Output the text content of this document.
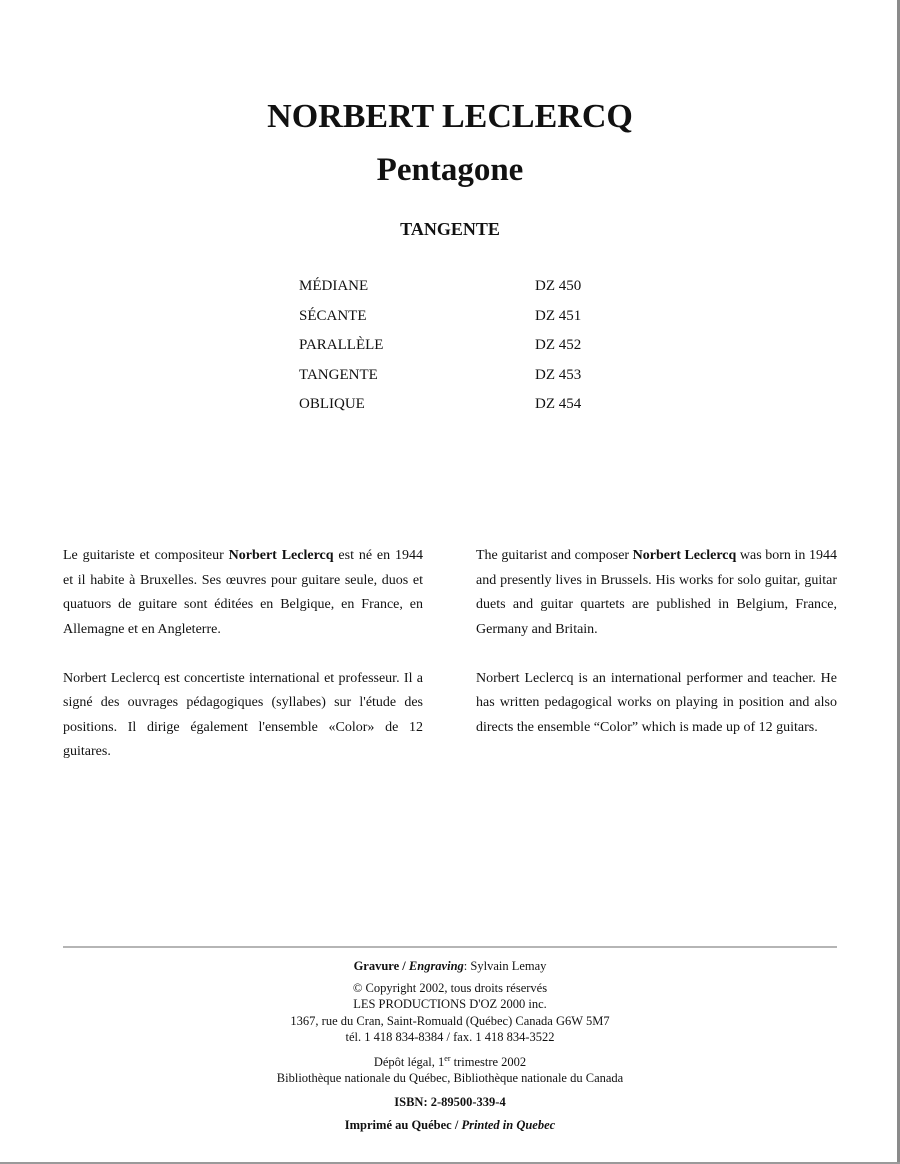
NORBERT LECLERCQ
Pentagone
TANGENTE
MÉDIANE	DZ 450
SÉCANTE	DZ 451
PARALLÈLE	DZ 452
TANGENTE	DZ 453
OBLIQUE	DZ 454

Le guitariste et compositeur Norbert Leclercq est né en 1944 et il habite à Bruxelles. Ses œuvres pour guitare seule, duos et quatuors de guitare sont éditées en Belgique, en France, en Allemagne et en Angleterre.

Norbert Leclercq est concertiste international et professeur. Il a signé des ouvrages pédagogiques (syllabes) sur l'étude des positions. Il dirige également l'ensemble «Color» de 12 guitares.

The guitarist and composer Norbert Leclercq was born in 1944 and presently lives in Brussels. His works for solo guitar, guitar duets and guitar quartets are published in Belgium, France, Germany and Britain.

Norbert Leclercq is an international performer and teacher. He has written pedagogical works on playing in position and also directs the ensemble “Color” which is made up of 12 guitars.

Gravure / Engraving: Sylvain Lemay
© Copyright 2002, tous droits réservés
LES PRODUCTIONS D'OZ 2000 inc.
1367, rue du Cran, Saint-Romuald (Québec) Canada G6W 5M7
tél. 1 418 834-8384 / fax. 1 418 834-3522
Dépôt légal, 1er trimestre 2002
Bibliothèque nationale du Québec, Bibliothèque nationale du Canada
ISBN: 2-89500-339-4
Imprimé au Québec / Printed in Quebec
